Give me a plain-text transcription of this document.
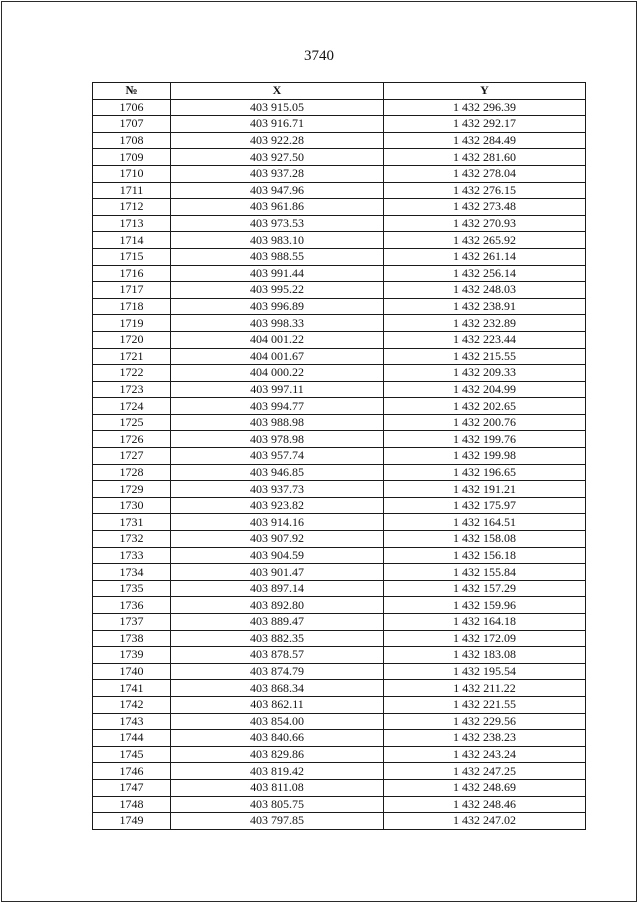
3740
№	X	Y
1706	403 915.05	1 432 296.39
1707	403 916.71	1 432 292.17
1708	403 922.28	1 432 284.49
1709	403 927.50	1 432 281.60
1710	403 937.28	1 432 278.04
1711	403 947.96	1 432 276.15
1712	403 961.86	1 432 273.48
1713	403 973.53	1 432 270.93
1714	403 983.10	1 432 265.92
1715	403 988.55	1 432 261.14
1716	403 991.44	1 432 256.14
1717	403 995.22	1 432 248.03
1718	403 996.89	1 432 238.91
1719	403 998.33	1 432 232.89
1720	404 001.22	1 432 223.44
1721	404 001.67	1 432 215.55
1722	404 000.22	1 432 209.33
1723	403 997.11	1 432 204.99
1724	403 994.77	1 432 202.65
1725	403 988.98	1 432 200.76
1726	403 978.98	1 432 199.76
1727	403 957.74	1 432 199.98
1728	403 946.85	1 432 196.65
1729	403 937.73	1 432 191.21
1730	403 923.82	1 432 175.97
1731	403 914.16	1 432 164.51
1732	403 907.92	1 432 158.08
1733	403 904.59	1 432 156.18
1734	403 901.47	1 432 155.84
1735	403 897.14	1 432 157.29
1736	403 892.80	1 432 159.96
1737	403 889.47	1 432 164.18
1738	403 882.35	1 432 172.09
1739	403 878.57	1 432 183.08
1740	403 874.79	1 432 195.54
1741	403 868.34	1 432 211.22
1742	403 862.11	1 432 221.55
1743	403 854.00	1 432 229.56
1744	403 840.66	1 432 238.23
1745	403 829.86	1 432 243.24
1746	403 819.42	1 432 247.25
1747	403 811.08	1 432 248.69
1748	403 805.75	1 432 248.46
1749	403 797.85	1 432 247.02
